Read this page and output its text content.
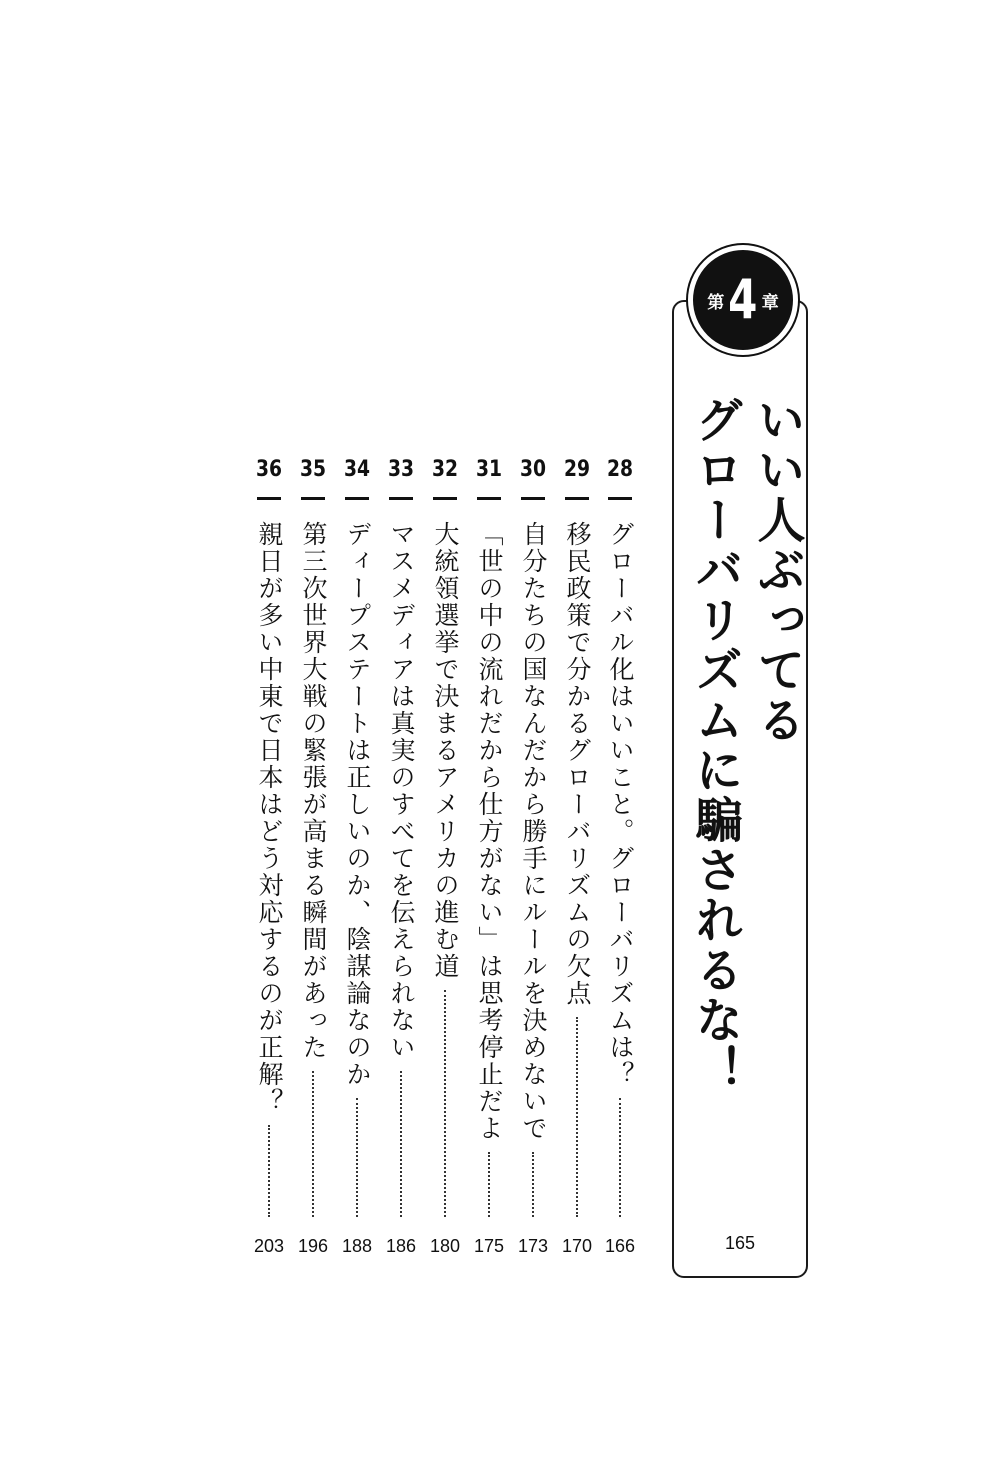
第 4 章
いい人ぶってる
グローバリズムに騙されるな！
165
28
グローバル化はいいこと。グローバリズムは？
166
29
移民政策で分かるグローバリズムの欠点
170
30
自分たちの国なんだから勝手にルールを決めないで
173
31
「世の中の流れだから仕方がない」は思考停止だよ
175
32
大統領選挙で決まるアメリカの進む道
180
33
マスメディアは真実のすべてを伝えられない
186
34
ディープステートは正しいのか、陰謀論なのか
188
35
第三次世界大戦の緊張が高まる瞬間があった
196
36
親日が多い中東で日本はどう対応するのが正解？
203
